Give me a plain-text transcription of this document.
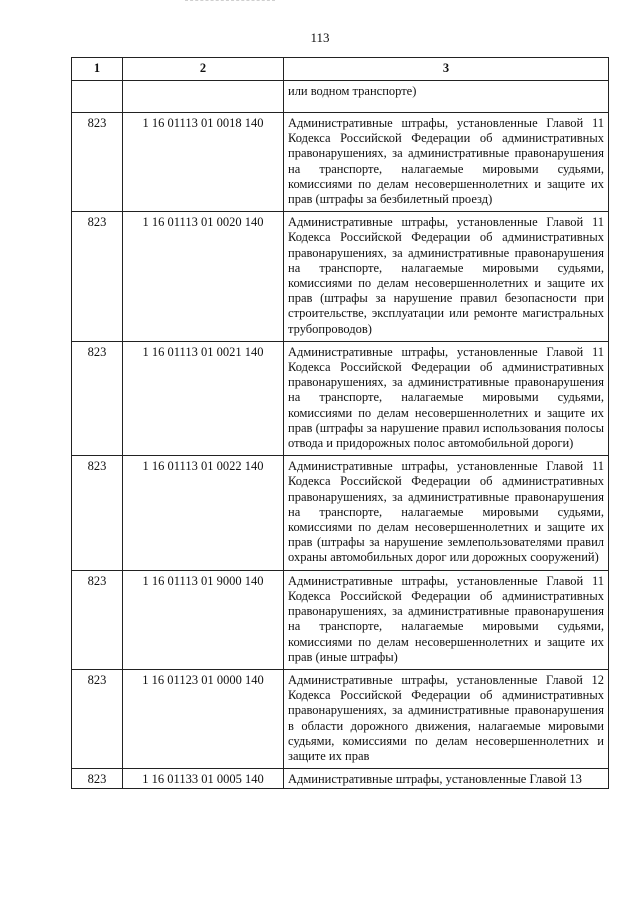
113
1	2	3
		или водном транспорте)
823	1 16 01113 01 0018 140	Административные штрафы, установленные Главой 11 Кодекса Российской Федерации об административных правонарушениях, за административные правонарушения на транспорте, налагаемые мировыми судьями, комиссиями по делам несовершеннолетних и защите их прав (штрафы за безбилетный проезд)
823	1 16 01113 01 0020 140	Административные штрафы, установленные Главой 11 Кодекса Российской Федерации об административных правонарушениях, за административные правонарушения на транспорте, налагаемые мировыми судьями, комиссиями по делам несовершеннолетних и защите их прав (штрафы за нарушение правил безопасности при строительстве, эксплуатации или ремонте магистральных трубопроводов)
823	1 16 01113 01 0021 140	Административные штрафы, установленные Главой 11 Кодекса Российской Федерации об административных правонарушениях, за административные правонарушения на транспорте, налагаемые мировыми судьями, комиссиями по делам несовершеннолетних и защите их прав (штрафы за нарушение правил использования полосы отвода и придорожных полос автомобильной дороги)
823	1 16 01113 01 0022 140	Административные штрафы, установленные Главой 11 Кодекса Российской Федерации об административных правонарушениях, за административные правонарушения на транспорте, налагаемые мировыми судьями, комиссиями по делам несовершеннолетних и защите их прав (штрафы за нарушение землепользователями правил охраны автомобильных дорог или дорожных сооружений)
823	1 16 01113 01 9000 140	Административные штрафы, установленные Главой 11 Кодекса Российской Федерации об административных правонарушениях, за административные правонарушения на транспорте, налагаемые мировыми судьями, комиссиями по делам несовершеннолетних и защите их прав (иные штрафы)
823	1 16 01123 01 0000 140	Административные штрафы, установленные Главой 12 Кодекса Российской Федерации об административных правонарушениях, за административные правонарушения в области дорожного движения, налагаемые мировыми судьями, комиссиями по делам несовершеннолетних и защите их прав
823	1 16 01133 01 0005 140	Административные штрафы, установленные Главой 13
